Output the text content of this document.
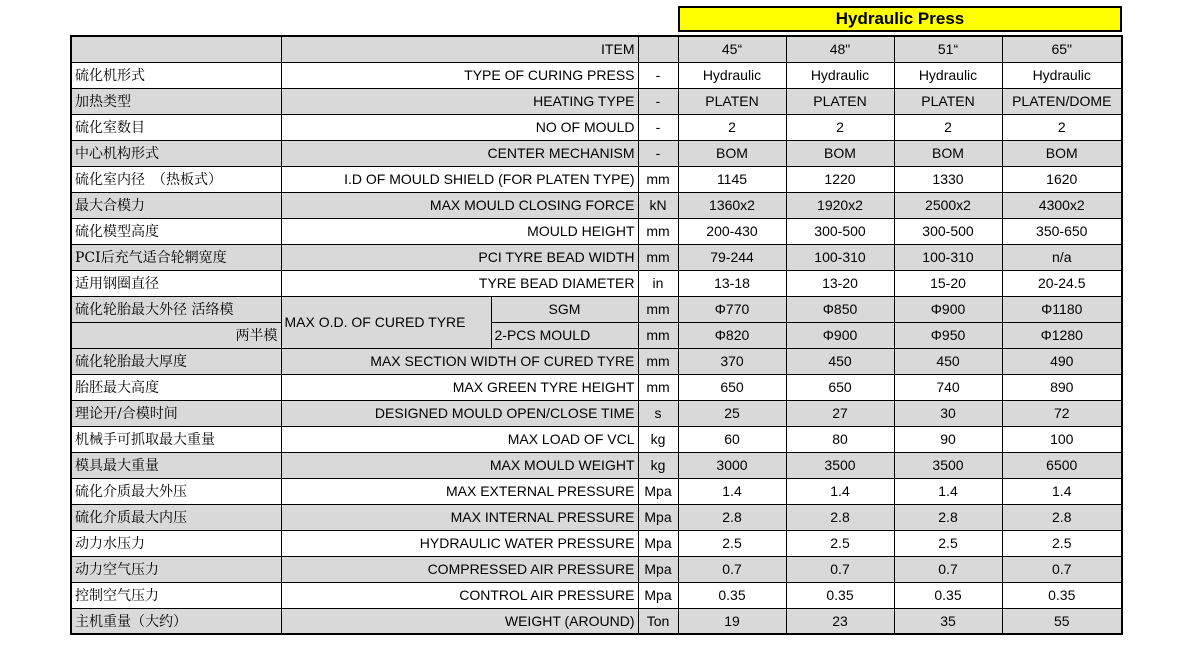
Hydraulic Press
	ITEM			45“	48"	51“	65"
硫化机形式	TYPE OF CURING PRESS		-	Hydraulic	Hydraulic	Hydraulic	Hydraulic
加热类型	HEATING TYPE		-	PLATEN	PLATEN	PLATEN	PLATEN/DOME
硫化室数目	NO OF MOULD		-	2	2	2	2
中心机构形式	CENTER MECHANISM		-	BOM	BOM	BOM	BOM
硫化室内径　（热板式）	I.D OF MOULD SHIELD (FOR PLATEN TYPE)		mm	1145	1220	1330	1620
最大合模力	MAX MOULD CLOSING FORCE		kN	1360x2	1920x2	2500x2	4300x2
硫化模型高度	MOULD HEIGHT		mm	200-430	300-500	300-500	350-650
PCI后充气适合轮辋宽度	PCI TYRE BEAD WIDTH		mm	79-244	100-310	100-310	n/a
适用钢圈直径	TYRE BEAD DIAMETER		in	13-18	13-20	15-20	20-24.5
硫化轮胎最大外径 活络模	MAX O.D. OF CURED TYRE	SGM	mm	Φ770	Φ850	Φ900	Φ1180
两半模		2-PCS MOULD	mm	Φ820	Φ900	Φ950	Φ1280
硫化轮胎最大厚度	MAX SECTION WIDTH OF CURED TYRE		mm	370	450	450	490
胎胚最大高度	MAX GREEN TYRE HEIGHT		mm	650	650	740	890
理论开/合模时间	DESIGNED MOULD OPEN/CLOSE TIME		s	25	27	30	72
机械手可抓取最大重量	MAX LOAD OF VCL		kg	60	80	90	100
模具最大重量	MAX MOULD WEIGHT		kg	3000	3500	3500	6500
硫化介质最大外压	MAX EXTERNAL PRESSURE		Mpa	1.4	1.4	1.4	1.4
硫化介质最大内压	MAX INTERNAL PRESSURE		Mpa	2.8	2.8	2.8	2.8
动力水压力	HYDRAULIC WATER PRESSURE		Mpa	2.5	2.5	2.5	2.5
动力空气压力	COMPRESSED AIR PRESSURE		Mpa	0.7	0.7	0.7	0.7
控制空气压力	CONTROL AIR PRESSURE		Mpa	0.35	0.35	0.35	0.35
主机重量（大约）	WEIGHT (AROUND)		Ton	19	23	35	55
